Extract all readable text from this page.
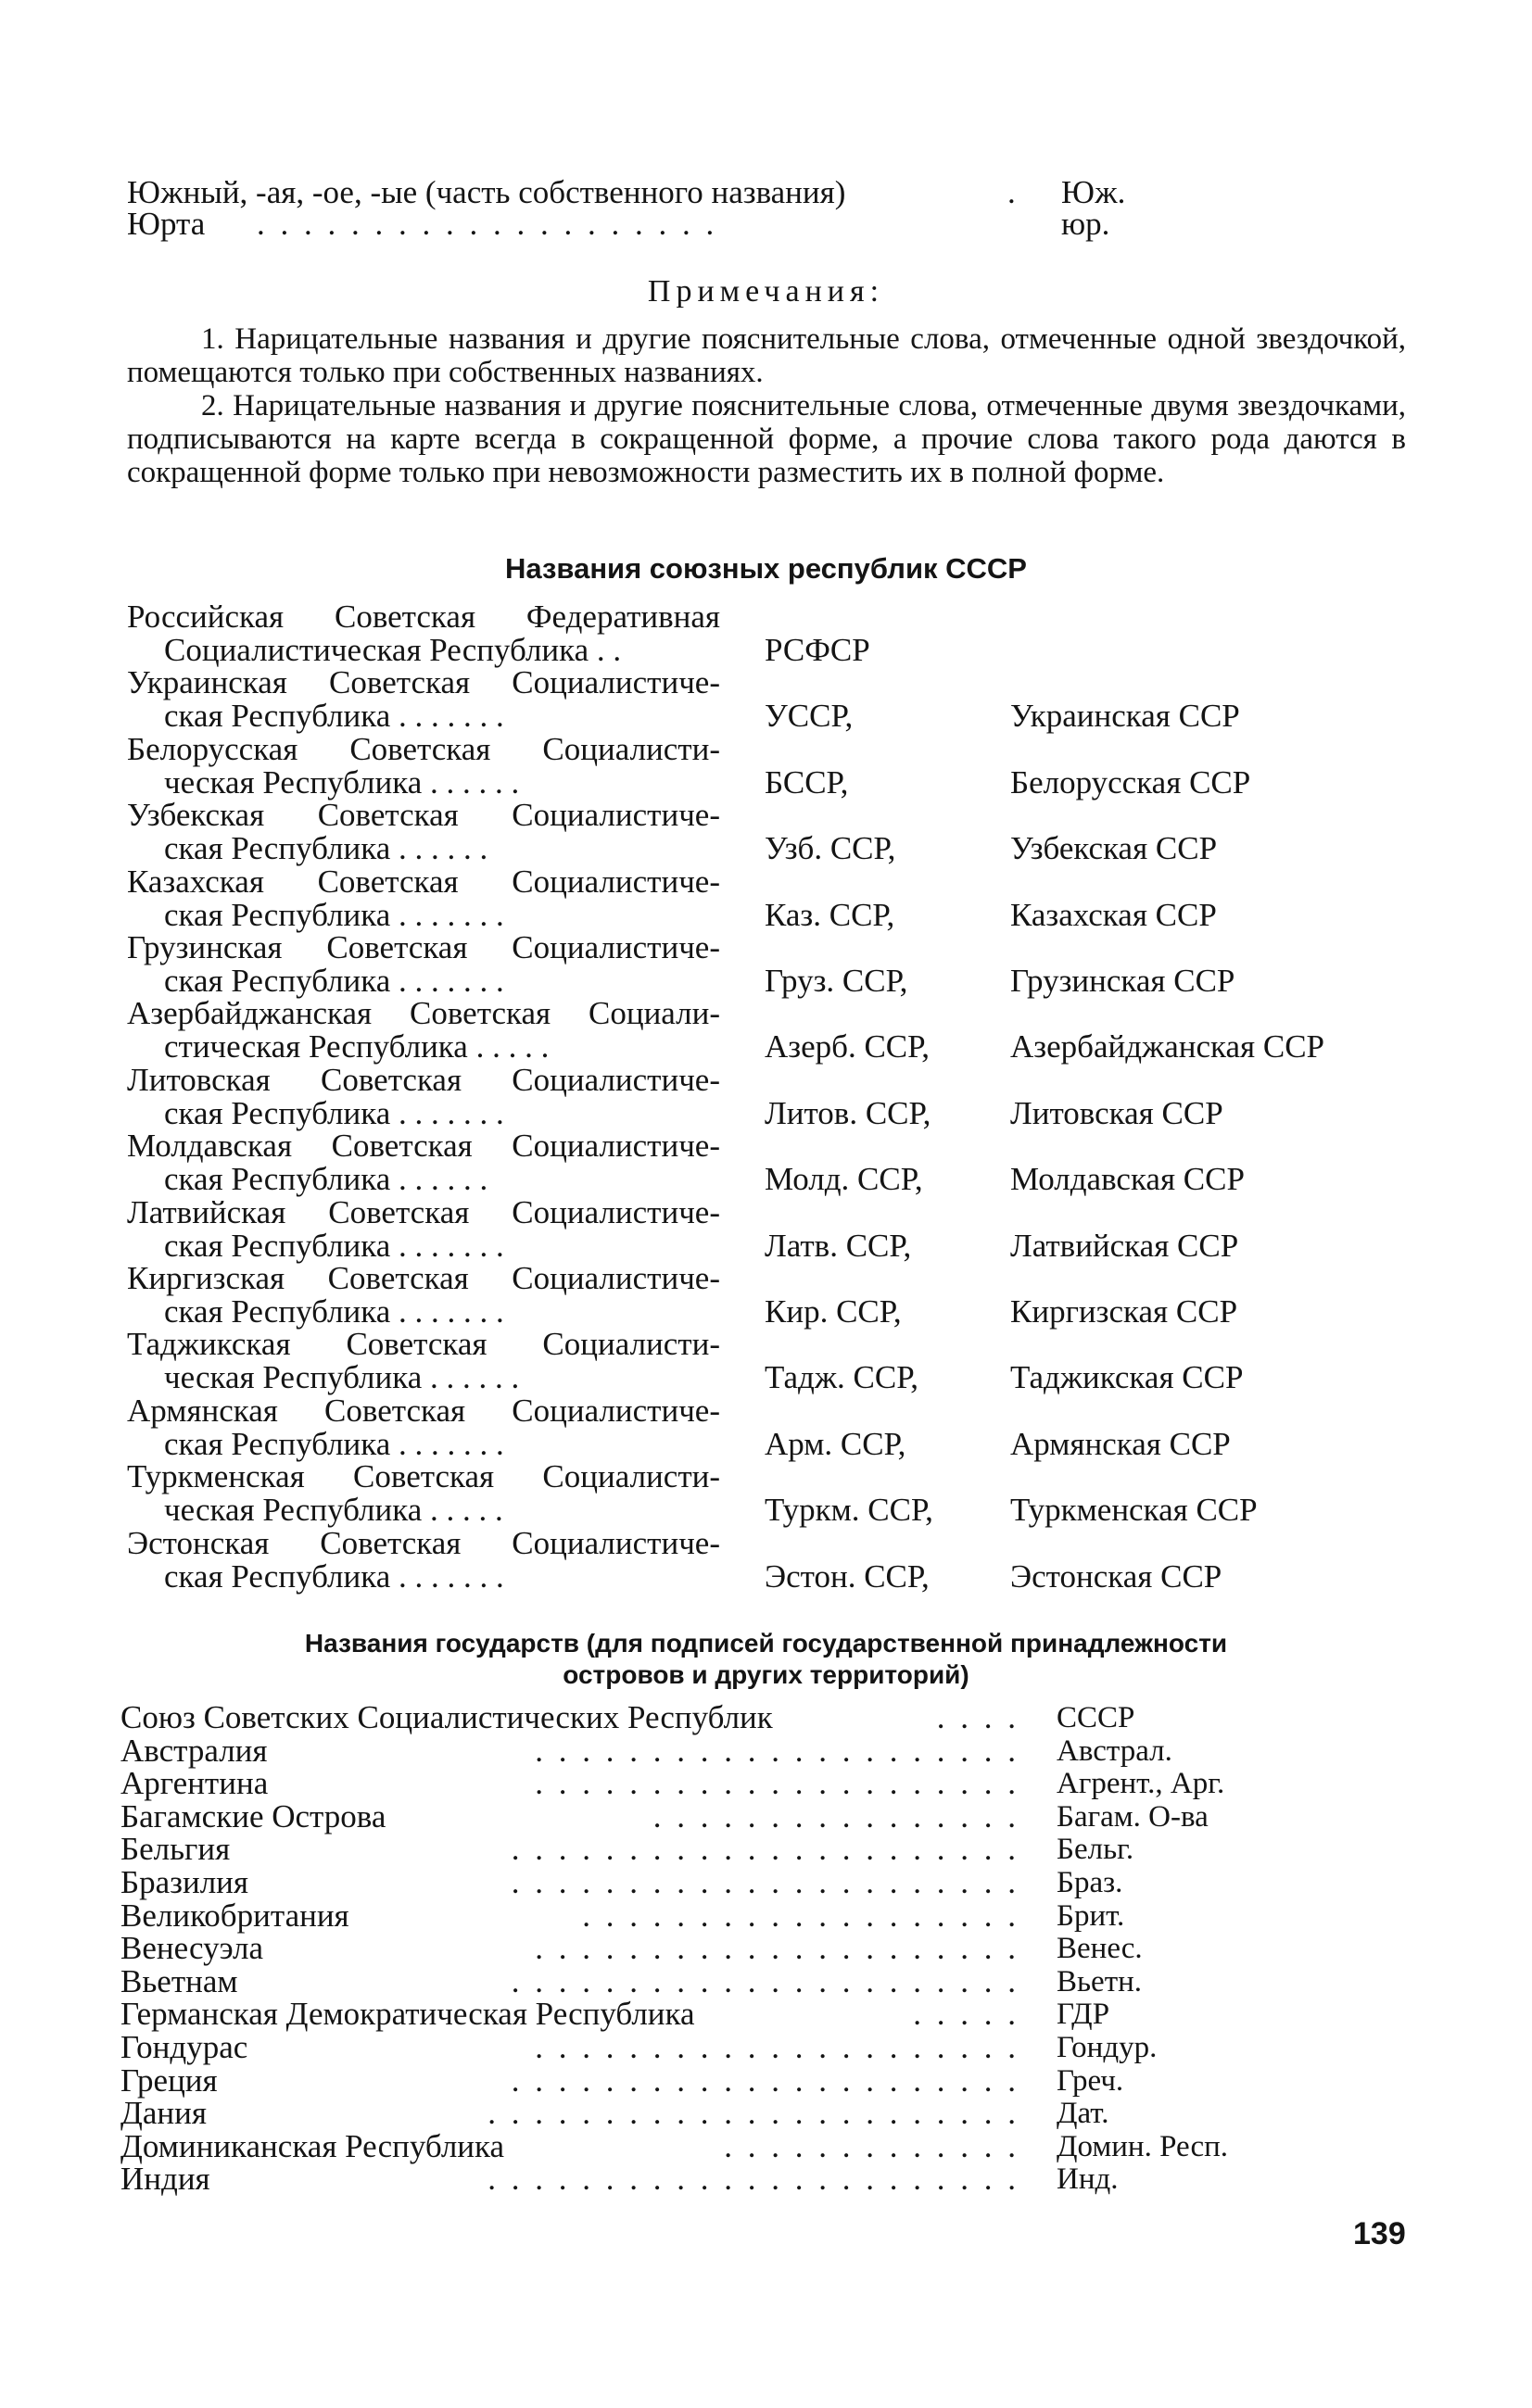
Южный, -ая, -ое, -ые (часть собственного названия)	. Юж.
Юрта . . . . . . . . . . . . . . . . . . . .	юр.
Примечания:
1. Нарицательные названия и другие пояснительные слова, отмеченные одной звездочкой, помещаются только при собственных названиях.
2. Нарицательные названия и другие пояснительные слова, отмеченные двумя звездочками, подписываются на карте всегда в сокращенной форме, а прочие слова такого рода даются в сокращенной форме только при невозможности разместить их в полной форме.
Названия союзных республик СССР
Российская Советская Федеративная
Социалистическая Республика . .	РСФСР
Украинская Советская Социалистиче-
ская Республика . . . . . . .	УССР,	Украинская ССР
Белорусская Советская Социалисти-
ческая Республика . . . . . .	БССР,	Белорусская ССР
Узбекская Советская Социалистиче-
ская Республика . . . . . .	Узб. ССР,	Узбекская ССР
Казахская Советская Социалистиче-
ская Республика . . . . . . .	Каз. ССР,	Казахская ССР
Грузинская Советская Социалистиче-
ская Республика . . . . . . .	Груз. ССР,	Грузинская ССР
Азербайджанская Советская Социали-
стическая Республика . . . . .	Азерб. ССР, Азербайджанская ССР
Литовская Советская Социалистиче-
ская Республика . . . . . . .	Литов. ССР, Литовская ССР
Молдавская Советская Социалистиче-
ская Республика . . . . . .	Молд. ССР,	Молдавская ССР
Латвийская Советская Социалистиче-
ская Республика . . . . . . .	Латв. ССР,	Латвийская ССР
Киргизская Советская Социалистиче-
ская Республика . . . . . . .	Кир. ССР,	Киргизская ССР
Таджикская Советская Социалисти-
ческая Республика . . . . . .	Тадж. ССР,	Таджикская ССР
Армянская Советская Социалистиче-
ская Республика . . . . . . .	Арм. ССР,	Армянская ССР
Туркменская Советская Социалисти-
ческая Республика . . . . .	Туркм. ССР, Туркменская ССР
Эстонская Советская Социалистиче-
ская Республика . . . . . . .	Эстон. ССР, Эстонская ССР
Названия государств (для подписей государственной принадлежности
островов и других территорий)
Союз Советских Социалистических Республик	. . . . СССР
Австралия	. . . . . . . . . . . . . . . . . . . . . Австрал.
Аргентина	. . . . . . . . . . . . . . . . . . . . . Агрент., Арг.
Багамские Острова	. . . . . . . . . . . . . . . . Багам. О-ва
Бельгия	. . . . . . . . . . . . . . . . . . . . . . Бельг.
Бразилия	. . . . . . . . . . . . . . . . . . . . . . Браз.
Великобритания	. . . . . . . . . . . . . . . . . . . Брит.
Венесуэла	. . . . . . . . . . . . . . . . . . . . . Венес.
Вьетнам	. . . . . . . . . . . . . . . . . . . . . . Вьетн.
Германская Демократическая Республика	. . . . . ГДР
Гондурас	. . . . . . . . . . . . . . . . . . . . . Гондур.
Греция	. . . . . . . . . . . . . . . . . . . . . . Греч.
Дания	. . . . . . . . . . . . . . . . . . . . . . . Дат.
Доминиканская Республика	. . . . . . . . . . . . . Домин. Респ.
Индия	. . . . . . . . . . . . . . . . . . . . . . . Инд.
139
